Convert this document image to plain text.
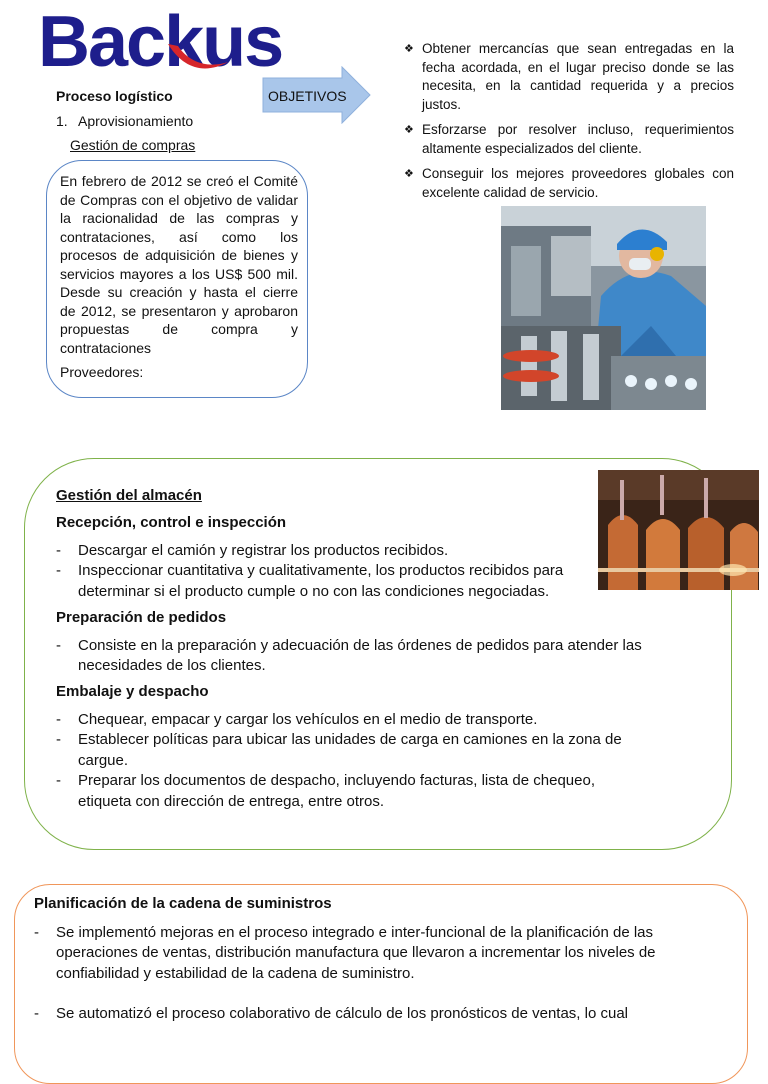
Backus
Proceso logístico
1. Aprovisionamiento
Gestión de compras
OBJETIVOS
❖ Obtener mercancías que sean entregadas en la fecha acordada, en el lugar preciso donde se las necesita, en la cantidad requerida y a precios justos.
❖ Esforzarse por resolver incluso, requerimientos altamente especializados del cliente.
❖ Conseguir los mejores proveedores globales con excelente calidad de servicio.
En febrero de 2012 se creó el Comité de Compras con el objetivo de validar la racionalidad de las compras y contrataciones, así como los procesos de adquisición de bienes y servicios mayores a los US$ 500 mil. Desde su creación y hasta el cierre de 2012, se presentaron y aprobaron propuestas de compra y contrataciones
Proveedores:
Gestión del almacén
Recepción, control e inspección
-	Descargar el camión y registrar los productos recibidos.
-	Inspeccionar cuantitativa y cualitativamente, los productos recibidos para determinar si el producto cumple o no con las condiciones negociadas.
Preparación de pedidos
-	Consiste en la preparación y adecuación de las órdenes de pedidos para atender las necesidades de los clientes.
Embalaje y despacho
-	Chequear, empacar y cargar los vehículos en el medio de transporte.
-	Establecer políticas para ubicar las unidades de carga en camiones en la zona de cargue.
-	Preparar los documentos de despacho, incluyendo facturas, lista de chequeo, etiqueta con dirección de entrega, entre otros.
Planificación de la cadena de suministros
-	Se implementó mejoras en el proceso integrado e inter-funcional de la planificación de las operaciones de ventas, distribución manufactura que llevaron a incrementar los niveles de confiabilidad y estabilidad de la cadena de suministro.
-	Se automatizó el proceso colaborativo de cálculo de los pronósticos de ventas, lo cual
